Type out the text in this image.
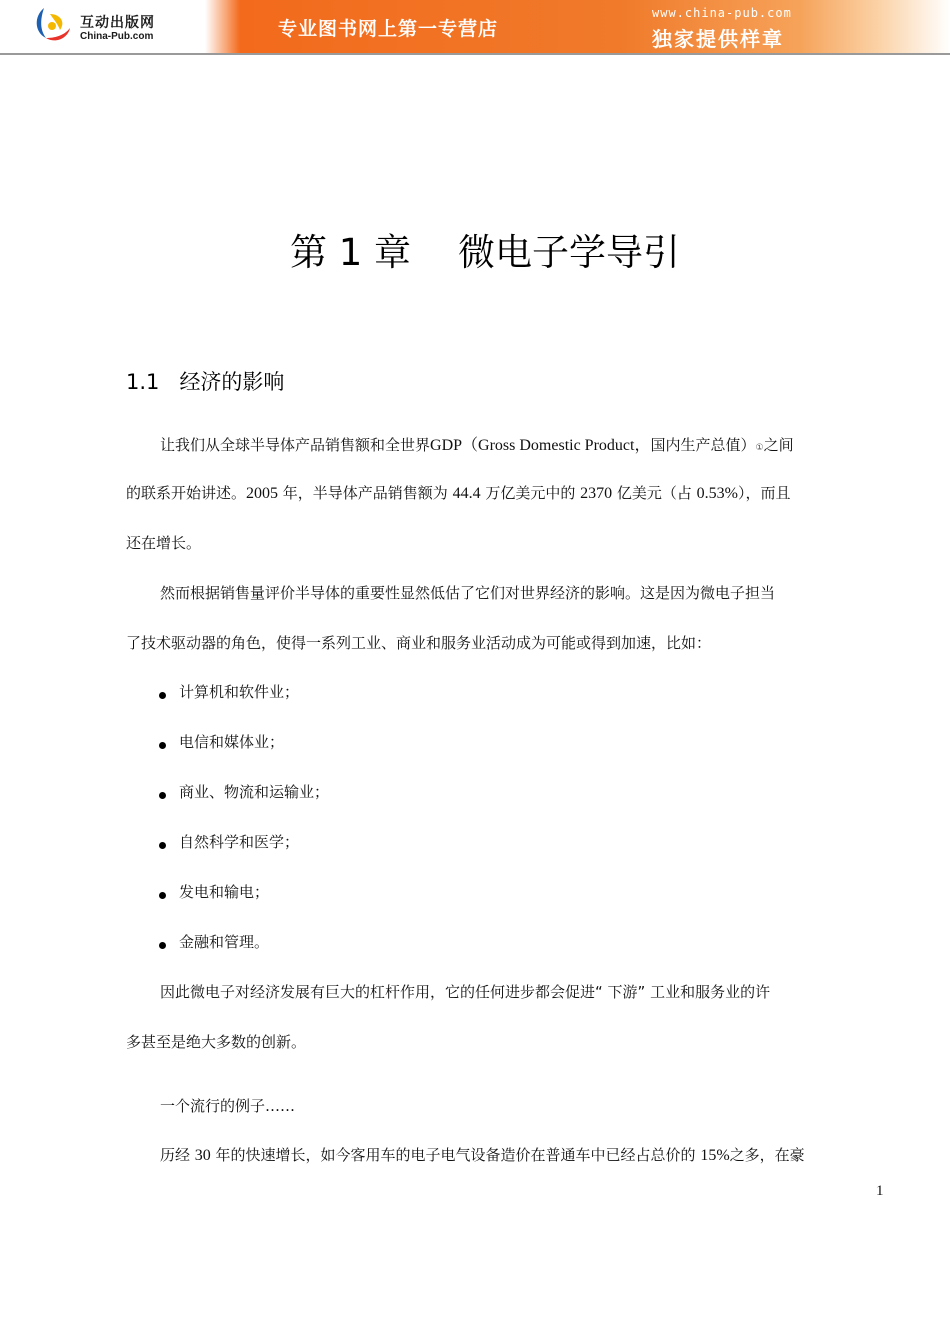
互动出版网
China-Pub.com	专业图书网上第一专营店
www.china-pub.com
独家提供样章
第 1 章    微电子学导引
1.1 经济的影响
让我们从全球半导体产品销售额和全世界GDP（Gross Domestic Product，国内生产总值）①之间
的联系开始讲述。2005 年，半导体产品销售额为 44.4 万亿美元中的 2370 亿美元（占 0.53%），而且
还在增长。
然而根据销售量评价半导体的重要性显然低估了它们对世界经济的影响。这是因为微电子担当
了技术驱动器的角色，使得一系列工业、商业和服务业活动成为可能或得到加速，比如：
计算机和软件业；
电信和媒体业；
商业、物流和运输业；
自然科学和医学；
发电和输电；
金融和管理。
因此微电子对经济发展有巨大的杠杆作用，它的任何进步都会促进“ 下游” 工业和服务业的许
多甚至是绝大多数的创新。
一个流行的例子……
历经 30 年的快速增长，如今客用车的电子电气设备造价在普通车中已经占总价的 15%之多，在豪
1
